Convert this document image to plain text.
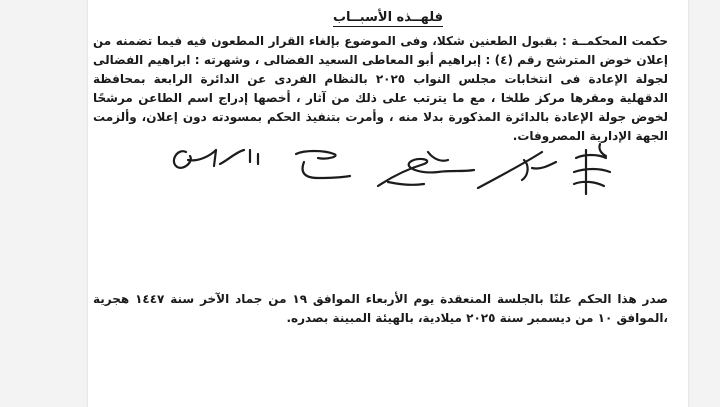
فلهــذه الأسبــاب

حكمت المحكمــة : بقبول الطعنين شكلا، وفى الموضوع بإلغاء القرار المطعون فيه فيما تضمنه من إعلان خوض المترشح رقم (٤) : إبراهيم أبو المعاطى السعيد الفضالى ، وشهرته : ابراهيم الفضالى لجولة الإعادة فى انتخابات مجلس النواب ٢٠٢٥ بالنظام الفردى عن الدائرة الرابعة بمحافظة الدقهلية ومقرها مركز طلخا ، مع ما يترتب على ذلك من آثار ، أخصها إدراج اسم الطاعن مرشحًا لخوض جولة الإعادة بالدائرة المذكورة بدلا منه ، وأمرت بتنفيذ الحكم بمسودته دون إعلان، وألزمت الجهة الإدارية المصروفات.

صدر هذا الحكم علنًا بالجلسة المنعقدة يوم الأربعاء الموافق ١٩ من جماد الآخر سنة ١٤٤٧ هجرية ،الموافق ١٠ من ديسمبر سنة ٢٠٢٥ ميلادية، بالهيئة المبينة بصدره.
